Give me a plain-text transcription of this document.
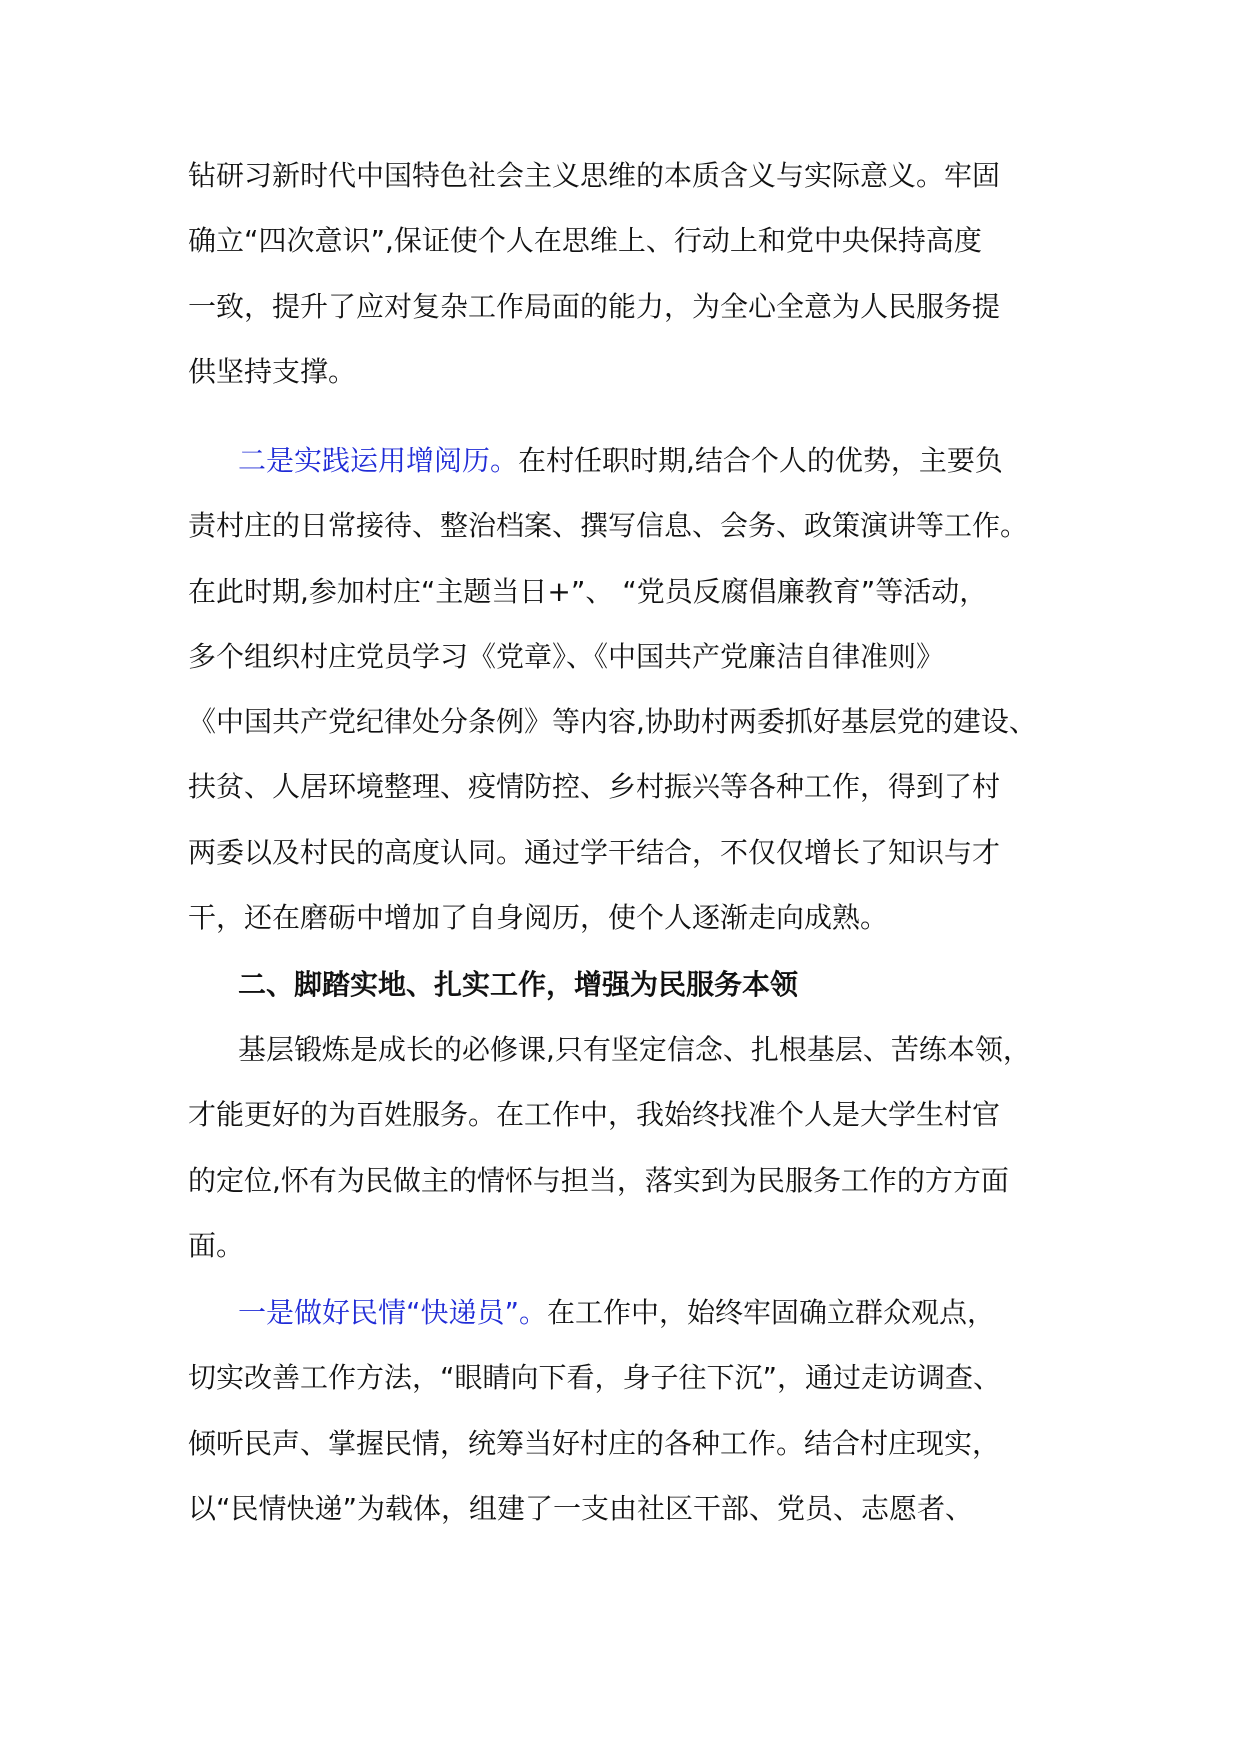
钻研习新时代中国特色社会主义思维的本质含义与实际意义。牢固
确立“四次意识”,保证使个人在思维上、行动上和党中央保持高度
一致，提升了应对复杂工作局面的能力，为全心全意为人民服务提
供坚持支撑。
二是实践运用增阅历。在村任职时期,结合个人的优势，主要负
责村庄的日常接待、整治档案、撰写信息、会务、政策演讲等工作。
在此时期,参加村庄“主题当日+”、 “党员反腐倡廉教育”等活动，
多个组织村庄党员学习《党章》、《中国共产党廉洁自律准则》
《中国共产党纪律处分条例》等内容,协助村两委抓好基层党的建设、
扶贫、人居环境整理、疫情防控、乡村振兴等各种工作，得到了村
两委以及村民的高度认同。通过学干结合，不仅仅增长了知识与才
干，还在磨砺中增加了自身阅历，使个人逐渐走向成熟。
二、脚踏实地、扎实工作，增强为民服务本领
基层锻炼是成长的必修课,只有坚定信念、扎根基层、苦练本领，
才能更好的为百姓服务。在工作中，我始终找准个人是大学生村官
的定位,怀有为民做主的情怀与担当，落实到为民服务工作的方方面
面。
一是做好民情“快递员”。在工作中，始终牢固确立群众观点，
切实改善工作方法，“眼睛向下看，身子往下沉”，通过走访调查、
倾听民声、掌握民情，统筹当好村庄的各种工作。结合村庄现实，
以“民情快递”为载体，组建了一支由社区干部、党员、志愿者、
